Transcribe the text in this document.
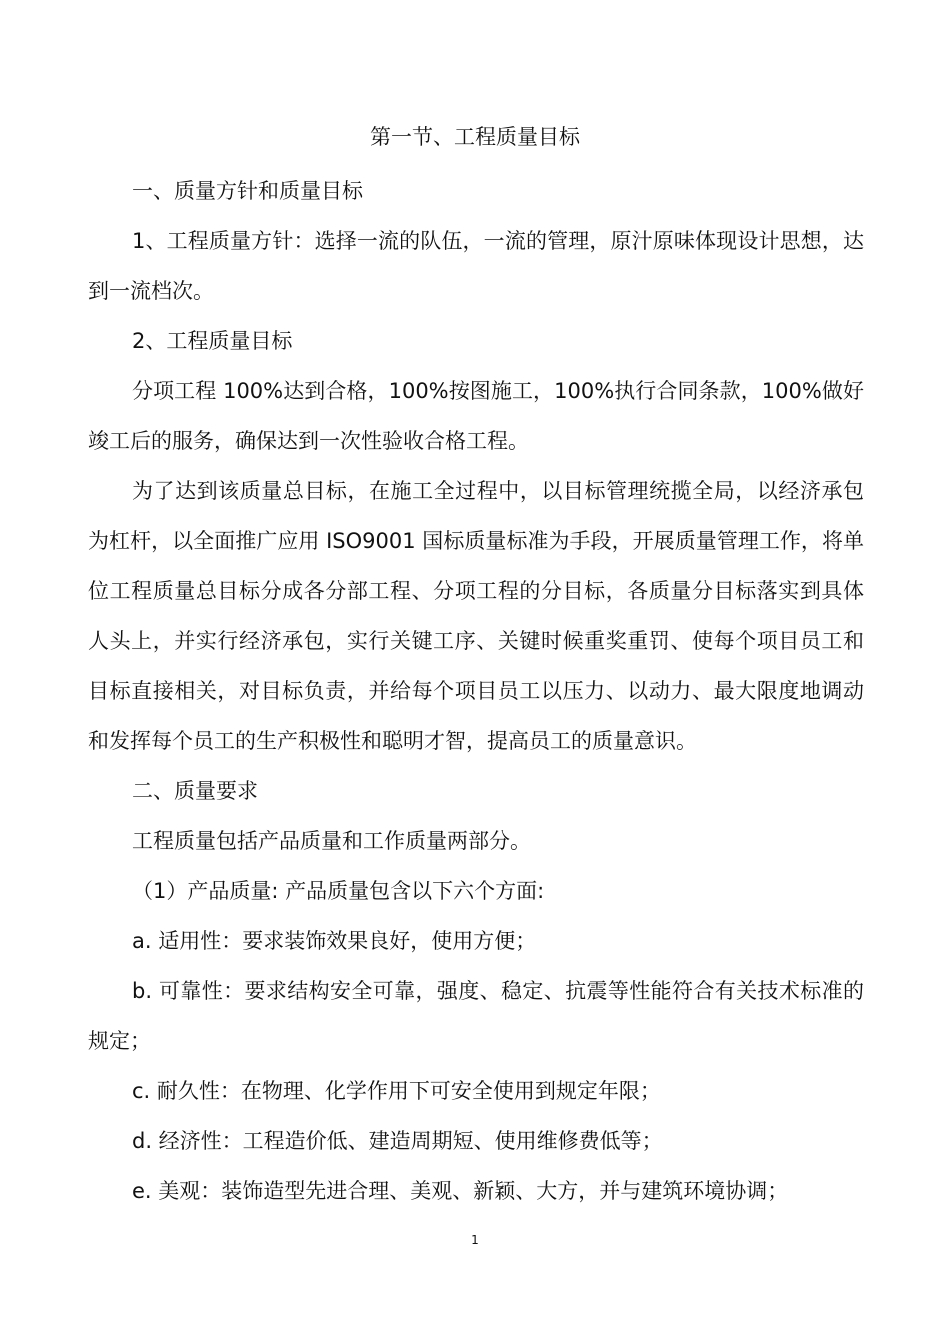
第一节、工程质量目标

一、质量方针和质量目标

1、工程质量方针：选择一流的队伍，一流的管理，原汁原味体现设计思想，达到一流档次。

2、工程质量目标

分项工程 100%达到合格，100%按图施工，100%执行合同条款，100%做好竣工后的服务，确保达到一次性验收合格工程。

为了达到该质量总目标，在施工全过程中，以目标管理统揽全局，以经济承包为杠杆，以全面推广应用 ISO9001 国标质量标准为手段，开展质量管理工作，将单位工程质量总目标分成各分部工程、分项工程的分目标，各质量分目标落实到具体人头上，并实行经济承包，实行关键工序、关键时候重奖重罚、使每个项目员工和目标直接相关，对目标负责，并给每个项目员工以压力、以动力、最大限度地调动和发挥每个员工的生产积极性和聪明才智，提高员工的质量意识。

二、质量要求

工程质量包括产品质量和工作质量两部分。

（1）产品质量: 产品质量包含以下六个方面:

a. 适用性：要求装饰效果良好，使用方便；

b. 可靠性：要求结构安全可靠，强度、稳定、抗震等性能符合有关技术标准的规定；

c. 耐久性：在物理、化学作用下可安全使用到规定年限；

d. 经济性：工程造价低、建造周期短、使用维修费低等；

e. 美观：装饰造型先进合理、美观、新颖、大方，并与建筑环境协调；

1
